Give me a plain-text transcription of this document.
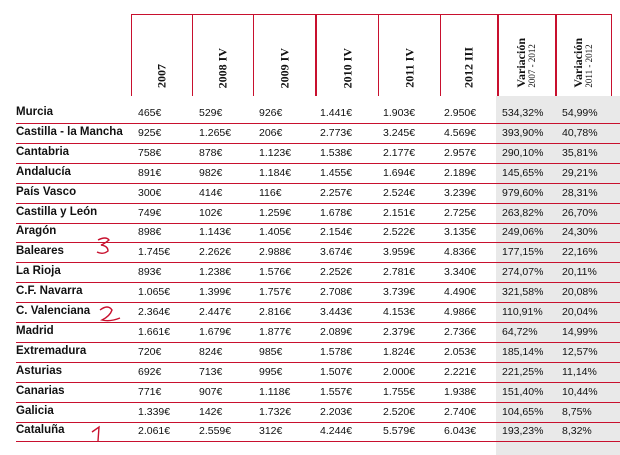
2007	2008 IV	2009 IV	2010 IV	2011 IV	2012 III	Variación 2007 - 2012	Variación 2011 - 2012
Murcia	465€	529€	926€	1.441€	1.903€	2.950€ 534,32% 54,99%
Castilla - la Mancha 925€	1.265€	206€	2.773€	3.245€	4.569€ 393,90% 40,78%
Cantabria	758€	878€	1.123€	1.538€	2.177€	2.957€ 290,10% 35,81%
Andalucía	891€	982€	1.184€	1.455€	1.694€	2.189€ 145,65% 29,21%
País Vasco	300€	414€	116€	2.257€	2.524€	3.239€ 979,60% 28,31%
Castilla y León	749€	102€	1.259€	1.678€	2.151€	2.725€ 263,82% 26,70%
Aragón	898€	1.143€	1.405€	2.154€	2.522€	3.135€ 249,06% 24,30%
Baleares	1.745€	2.262€	2.988€	3.674€	3.959€	4.836€ 177,15% 22,16%
La Rioja	893€	1.238€	1.576€	2.252€	2.781€	3.340€ 274,07% 20,11%
C.F. Navarra	1.065€	1.399€	1.757€	2.708€	3.739€	4.490€ 321,58% 20,08%
C. Valenciana	2.364€	2.447€	2.816€	3.443€	4.153€	4.986€ 110,91% 20,04%
Madrid	1.661€	1.679€	1.877€	2.089€	2.379€	2.736€ 64,72% 14,99%
Extremadura	720€	824€	985€	1.578€	1.824€	2.053€ 185,14% 12,57%
Asturias	692€	713€	995€	1.507€	2.000€	2.221€ 221,25% 11,14%
Canarias	771€	907€	1.118€	1.557€	1.755€	1.938€ 151,40% 10,44%
Galicia	1.339€	142€	1.732€	2.203€	2.520€	2.740€ 104,65% 8,75%
Cataluña	2.061€	2.559€	312€	4.244€	5.579€	6.043€ 193,23% 8,32%
